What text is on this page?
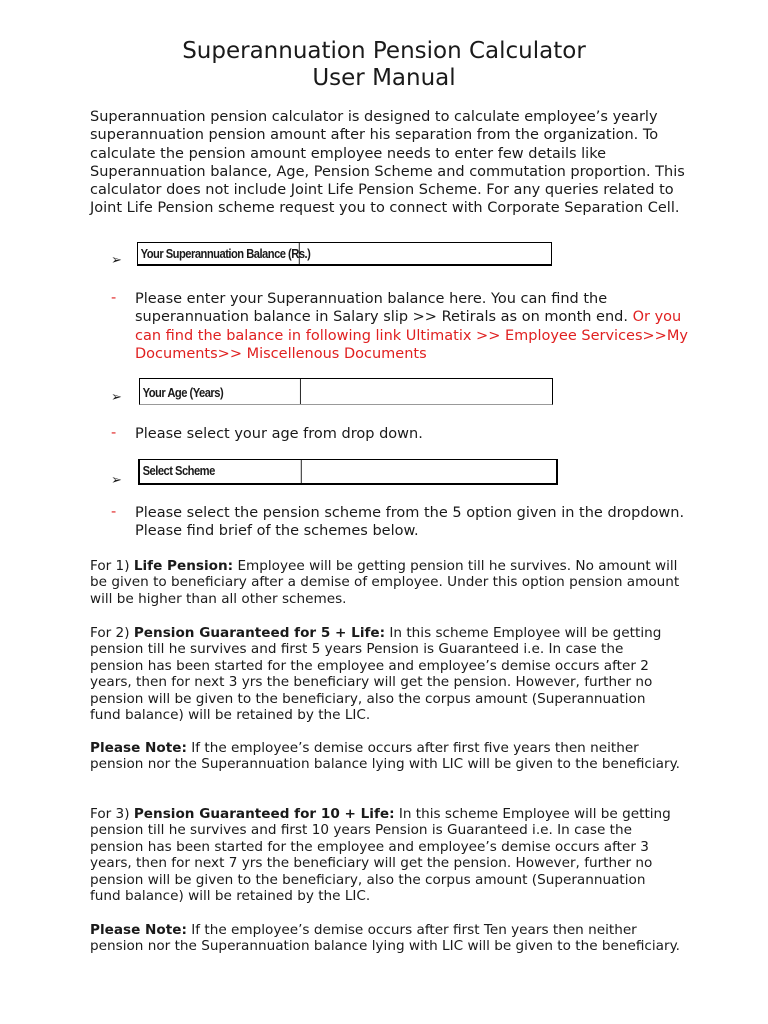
Superannuation Pension Calculator
User Manual

Superannuation pension calculator is designed to calculate employee’s yearly superannuation pension amount after his separation from the organization. To calculate the pension amount employee needs to enter few details like Superannuation balance, Age, Pension Scheme and commutation proportion. This calculator does not include Joint Life Pension Scheme. For any queries related to Joint Life Pension scheme request you to connect with Corporate Separation Cell.

➢ Your Superannuation Balance (Rs.)
- Please enter your Superannuation balance here. You can find the superannuation balance in Salary slip >> Retirals as on month end. Or you can find the balance in following link Ultimatix >> Employee Services>>My Documents>> Miscellenous Documents

➢ Your Age (Years)
- Please select your age from drop down.

➢
Select Scheme
- Please select the pension scheme from the 5 option given in the dropdown. Please find brief of the schemes below.

For 1) Life Pension: Employee will be getting pension till he survives. No amount will be given to beneficiary after a demise of employee. Under this option pension amount will be higher than all other schemes.

For 2) Pension Guaranteed for 5 + Life: In this scheme Employee will be getting pension till he survives and first 5 years Pension is Guaranteed i.e. In case the pension has been started for the employee and employee’s demise occurs after 2 years, then for next 3 yrs the beneficiary will get the pension. However, further no pension will be given to the beneficiary, also the corpus amount (Superannuation fund balance) will be retained by the LIC.

Please Note: If the employee’s demise occurs after first five years then neither pension nor the Superannuation balance lying with LIC will be given to the beneficiary.

For 3) Pension Guaranteed for 10 + Life: In this scheme Employee will be getting pension till he survives and first 10 years Pension is Guaranteed i.e. In case the pension has been started for the employee and employee’s demise occurs after 3 years, then for next 7 yrs the beneficiary will get the pension. However, further no pension will be given to the beneficiary, also the corpus amount (Superannuation fund balance) will be retained by the LIC.

Please Note: If the employee’s demise occurs after first Ten years then neither pension nor the Superannuation balance lying with LIC will be given to the beneficiary.
